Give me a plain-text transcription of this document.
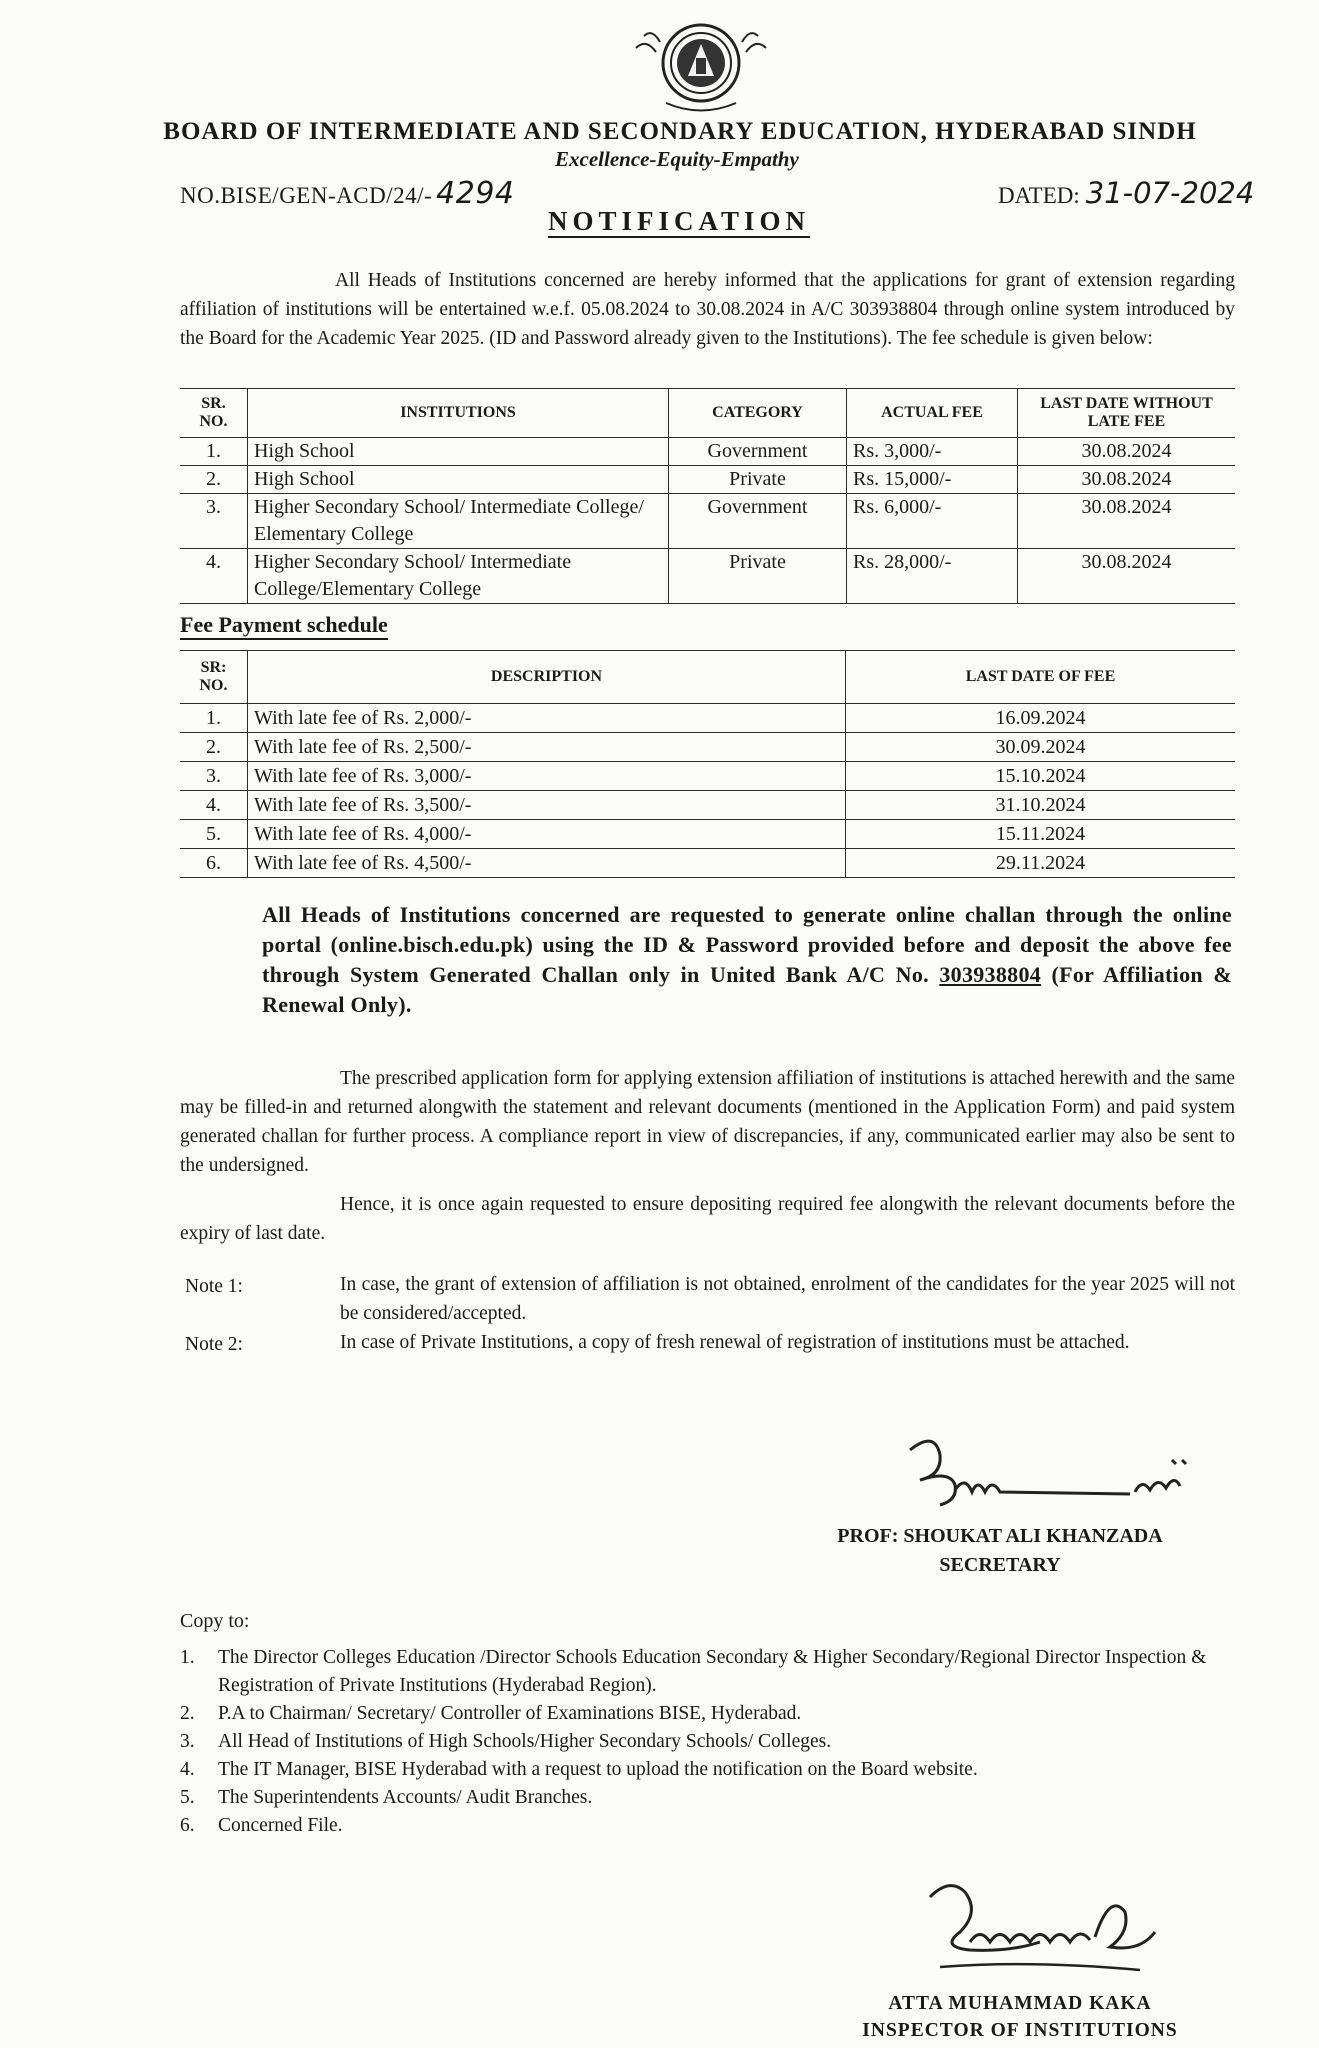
BOARD OF INTERMEDIATE AND SECONDARY EDUCATION, HYDERABAD SINDH
Excellence-Equity-Empathy
NO.BISE/GEN-ACD/24/- 4294	DATED: 31-07-2024
NOTIFICATION
All Heads of Institutions concerned are hereby informed that the applications for grant of extension regarding affiliation of institutions will be entertained w.e.f. 05.08.2024 to 30.08.2024 in A/C 303938804 through online system introduced by the Board for the Academic Year 2025. (ID and Password already given to the Institutions). The fee schedule is given below:
SR. NO.	INSTITUTIONS	CATEGORY	ACTUAL FEE	LAST DATE WITHOUT LATE FEE
1.	High School	Government	Rs. 3,000/-	30.08.2024
2.	High School	Private	Rs. 15,000/-	30.08.2024
3.	Higher Secondary School/ Intermediate College/ Elementary College	Government	Rs. 6,000/-	30.08.2024
4.	Higher Secondary School/ Intermediate College/Elementary College	Private	Rs. 28,000/-	30.08.2024
Fee Payment schedule
SR: NO.	DESCRIPTION	LAST DATE OF FEE
1.	With late fee of Rs. 2,000/-	16.09.2024
2.	With late fee of Rs. 2,500/-	30.09.2024
3.	With late fee of Rs. 3,000/-	15.10.2024
4.	With late fee of Rs. 3,500/-	31.10.2024
5.	With late fee of Rs. 4,000/-	15.11.2024
6.	With late fee of Rs. 4,500/-	29.11.2024
All Heads of Institutions concerned are requested to generate online challan through the online portal (online.bisch.edu.pk) using the ID & Password provided before and deposit the above fee through System Generated Challan only in United Bank A/C No. 303938804 (For Affiliation & Renewal Only).
The prescribed application form for applying extension affiliation of institutions is attached herewith and the same may be filled-in and returned alongwith the statement and relevant documents (mentioned in the Application Form) and paid system generated challan for further process. A compliance report in view of discrepancies, if any, communicated earlier may also be sent to the undersigned.
Hence, it is once again requested to ensure depositing required fee alongwith the relevant documents before the expiry of last date.
Note 1:	In case, the grant of extension of affiliation is not obtained, enrolment of the candidates for the year 2025 will not be considered/accepted.
Note 2:	In case of Private Institutions, a copy of fresh renewal of registration of institutions must be attached.
PROF: SHOUKAT ALI KHANZADA
SECRETARY
Copy to:
1. The Director Colleges Education /Director Schools Education Secondary & Higher Secondary/Regional Director Inspection & Registration of Private Institutions (Hyderabad Region).
2. P.A to Chairman/ Secretary/ Controller of Examinations BISE, Hyderabad.
3. All Head of Institutions of High Schools/Higher Secondary Schools/ Colleges.
4. The IT Manager, BISE Hyderabad with a request to upload the notification on the Board website.
5. The Superintendents Accounts/ Audit Branches.
6. Concerned File.
ATTA MUHAMMAD KAKA
INSPECTOR OF INSTITUTIONS
